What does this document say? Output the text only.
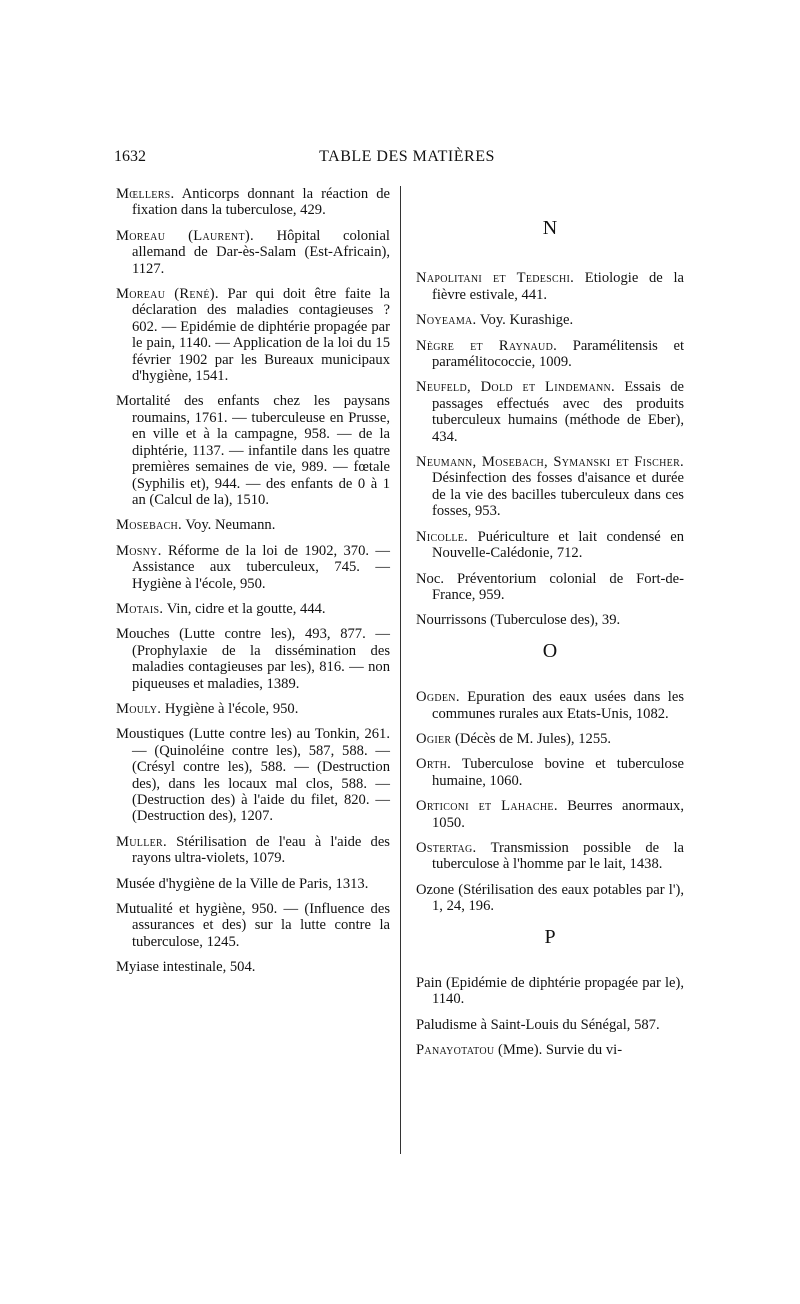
1632	TABLE DES MATIÈRES

Mœllers. Anticorps donnant la réaction de fixation dans la tuberculose, 429.

Moreau (Laurent). Hôpital colonial allemand de Dar-ès-Salam (Est-Africain), 1127.

Moreau (René). Par qui doit être faite la déclaration des maladies contagieuses ? 602. — Epidémie de diphtérie propagée par le pain, 1140. — Application de la loi du 15 février 1902 par les Bureaux municipaux d'hygiène, 1541.

Mortalité des enfants chez les paysans roumains, 1761. — tuberculeuse en Prusse, en ville et à la campagne, 958. — de la diphtérie, 1137. — infantile dans les quatre premières semaines de vie, 989. — fœtale (Syphilis et), 944. — des enfants de 0 à 1 an (Calcul de la), 1510.

Mosebach. Voy. Neumann.

Mosny. Réforme de la loi de 1902, 370. — Assistance aux tuberculeux, 745. — Hygiène à l'école, 950.

Motais. Vin, cidre et la goutte, 444.

Mouches (Lutte contre les), 493, 877. — (Prophylaxie de la dissémination des maladies contagieuses par les), 816. — non piqueuses et maladies, 1389.

Mouly. Hygiène à l'école, 950.

Moustiques (Lutte contre les) au Tonkin, 261. — (Quinoléine contre les), 587, 588. — (Crésyl contre les), 588. — (Destruction des), dans les locaux mal clos, 588. — (Destruction des) à l'aide du filet, 820. — (Destruction des), 1207.

Muller. Stérilisation de l'eau à l'aide des rayons ultra-violets, 1079.

Musée d'hygiène de la Ville de Paris, 1313.

Mutualité et hygiène, 950. — (Influence des assurances et des) sur la lutte contre la tuberculose, 1245.

Myiase intestinale, 504.

N

Napolitani et Tedeschi. Etiologie de la fièvre estivale, 441.

Noyeama. Voy. Kurashige.

Nègre et Raynaud. Paramélitensis et paramélitococcie, 1009.

Neufeld, Dold et Lindemann. Essais de passages effectués avec des produits tuberculeux humains (méthode de Eber), 434.

Neumann, Mosebach, Symanski et Fischer. Désinfection des fosses d'aisance et durée de la vie des bacilles tuberculeux dans ces fosses, 953.

Nicolle. Puériculture et lait condensé en Nouvelle-Calédonie, 712.

Noc. Préventorium colonial de Fort-de-France, 959.

Nourrissons (Tuberculose des), 39.

O

Ogden. Epuration des eaux usées dans les communes rurales aux Etats-Unis, 1082.

Ogier (Décès de M. Jules), 1255.

Orth. Tuberculose bovine et tuberculose humaine, 1060.

Orticoni et Lahache. Beurres anormaux, 1050.

Ostertag. Transmission possible de la tuberculose à l'homme par le lait, 1438.

Ozone (Stérilisation des eaux potables par l'), 1, 24, 196.

P

Pain (Epidémie de diphtérie propagée par le), 1140.

Paludisme à Saint-Louis du Sénégal, 587.

Panayotatou (Mme). Survie du vi-
